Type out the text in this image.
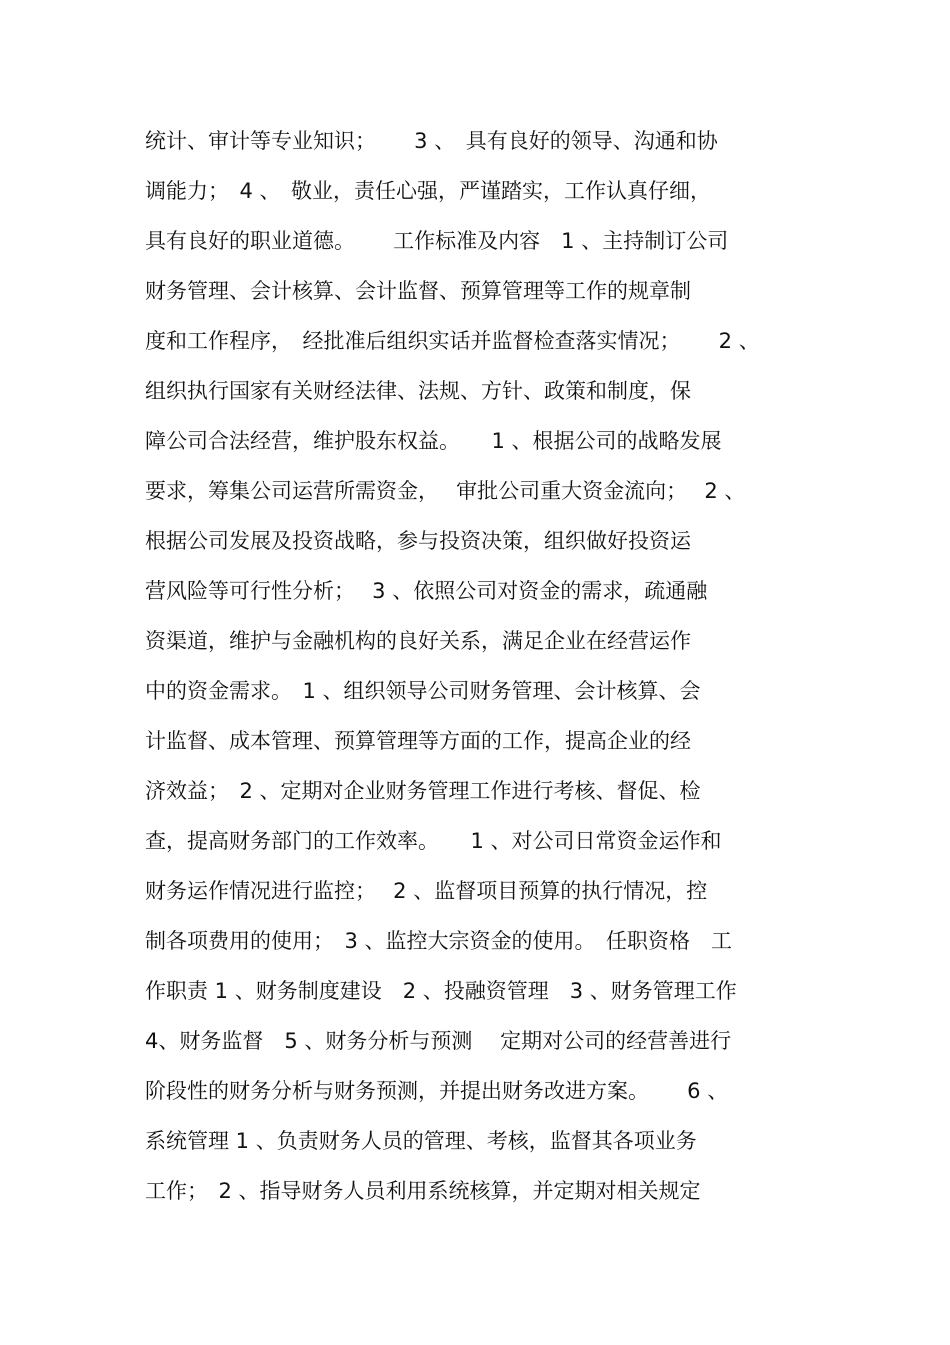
统计、审计等专业知识；　　 3 、　具有良好的领导、沟通和协
调能力；　4 、　敬业，责任心强，严谨踏实，工作认真仔细，
具有良好的职业道德。　　 工作标准及内容　1 、主持制订公司
财务管理、会计核算、会计监督、预算管理等工作的规章制
度和工作程序，　经批准后组织实话并监督检查落实情况；　　 2 、
组织执行国家有关财经法律、法规、方针、政策和制度，保
障公司合法经营，维护股东权益。　　1 、根据公司的战略发展
要求，筹集公司运营所需资金，　 审批公司重大资金流向；　 2 、
根据公司发展及投资战略，参与投资决策，组织做好投资运
营风险等可行性分析；　 3 、依照公司对资金的需求，疏通融
资渠道，维护与金融机构的良好关系，满足企业在经营运作
中的资金需求。　1 、组织领导公司财务管理、会计核算、会
计监督、成本管理、预算管理等方面的工作，提高企业的经
济效益；　2 、定期对企业财务管理工作进行考核、督促、检
查，提高财务部门的工作效率。　　1 、对公司日常资金运作和
财务运作情况进行监控；　 2 、监督项目预算的执行情况，控
制各项费用的使用；　3 、监控大宗资金的使用。　任职资格　工
作职责 1 、财务制度建设　2 、投融资管理　3 、财务管理工作
4、财务监督　5 、财务分析与预测　 定期对公司的经营善进行
阶段性的财务分析与财务预测，并提出财务改进方案。　　 6 、
系统管理 1 、负责财务人员的管理、考核，监督其各项业务
工作；　2 、指导财务人员利用系统核算，并定期对相关规定
